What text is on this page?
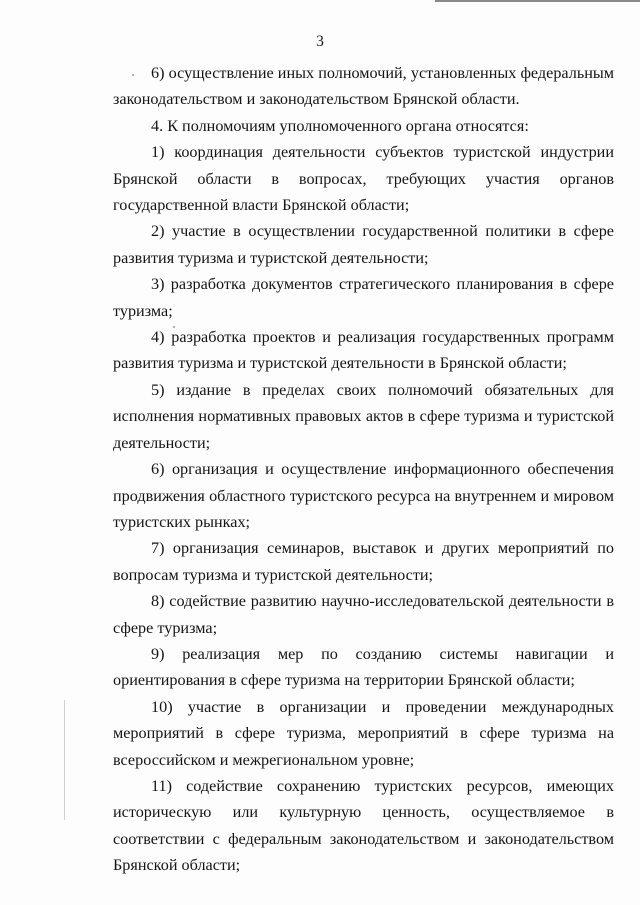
3

6) осуществление иных полномочий, установленных федеральным законодательством и законодательством Брянской области.

4. К полномочиям уполномоченного органа относятся:

1) координация деятельности субъектов туристской индустрии Брянской области в вопросах, требующих участия органов государственной власти Брянской области;

2) участие в осуществлении государственной политики в сфере развития туризма и туристской деятельности;

3) разработка документов стратегического планирования в сфере туризма;

4) разработка проектов и реализация государственных программ развития туризма и туристской деятельности в Брянской области;

5) издание в пределах своих полномочий обязательных для исполнения нормативных правовых актов в сфере туризма и туристской деятельности;

6) организация и осуществление информационного обеспечения продвижения областного туристского ресурса на внутреннем и мировом туристских рынках;

7) организация семинаров, выставок и других мероприятий по вопросам туризма и туристской деятельности;

8) содействие развитию научно-исследовательской деятельности в сфере туризма;

9) реализация мер по созданию системы навигации и ориентирования в сфере туризма на территории Брянской области;

10) участие в организации и проведении международных мероприятий в сфере туризма, мероприятий в сфере туризма на всероссийском и межрегиональном уровне;

11) содействие сохранению туристских ресурсов, имеющих историческую или культурную ценность, осуществляемое в соответствии с федеральным законодательством и законодательством Брянской области;
